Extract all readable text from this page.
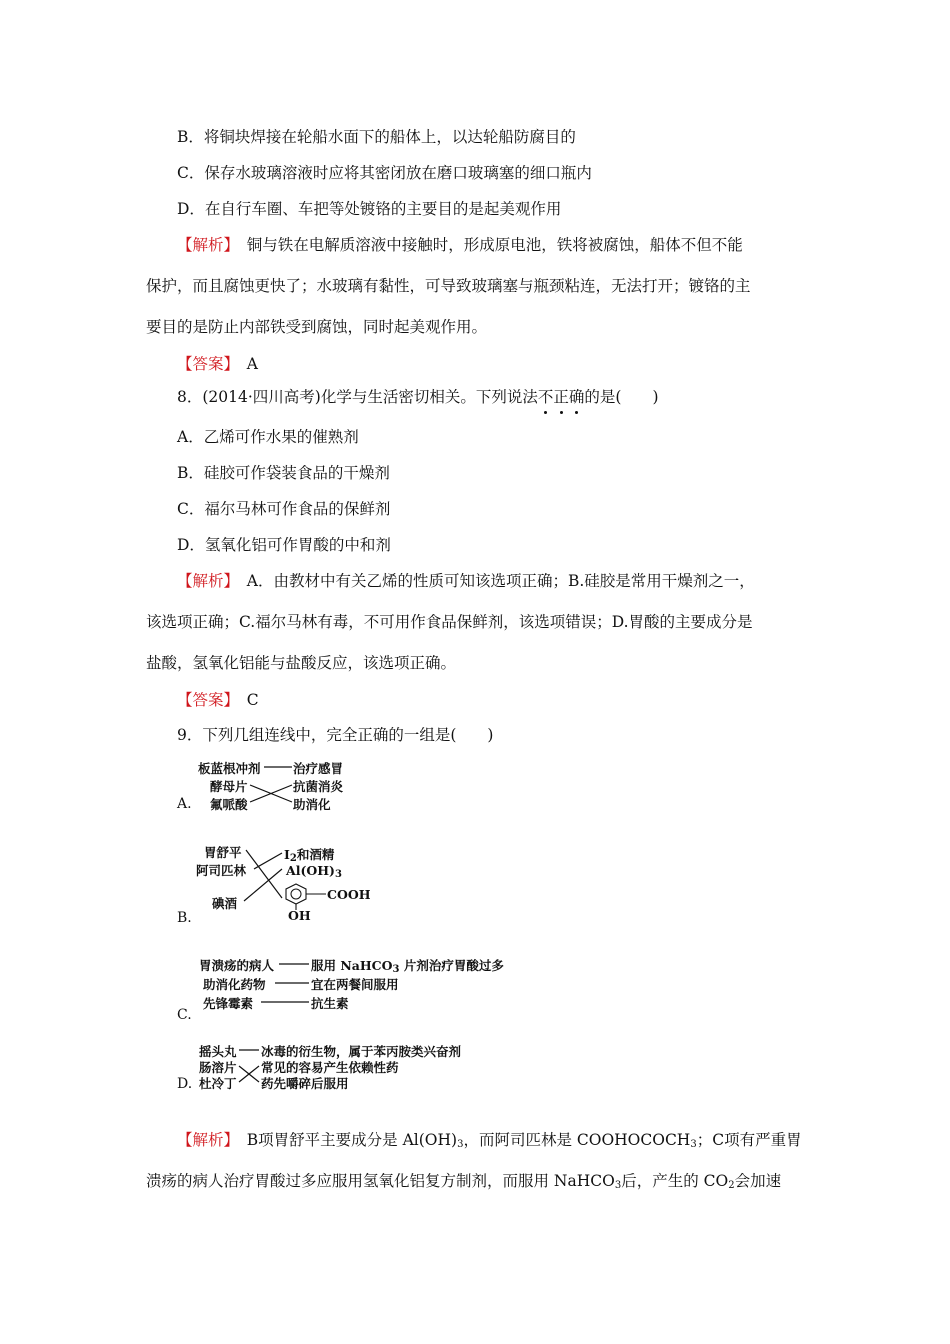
B．将铜块焊接在轮船水面下的船体上，以达轮船防腐目的
C．保存水玻璃溶液时应将其密闭放在磨口玻璃塞的细口瓶内
D．在自行车圈、车把等处镀铬的主要目的是起美观作用
【解析】　 铜与铁在电解质溶液中接触时，形成原电池，铁将被腐蚀，船体不但不能
保护，而且腐蚀更快了；水玻璃有黏性，可导致玻璃塞与瓶颈粘连，无法打开；镀铬的主
要目的是防止内部铁受到腐蚀，同时起美观作用。
【答案】　 A
8．(2014·四川高考)化学与生活密切相关。下列说法不正确的是(　　)
A．乙烯可作水果的催熟剂
B．硅胶可作袋装食品的干燥剂
C．福尔马林可作食品的保鲜剂
D．氢氧化铝可作胃酸的中和剂
【解析】　 A．由教材中有关乙烯的性质可知该选项正确；B.硅胶是常用干燥剂之一，
该选项正确；C.福尔马林有毒，不可用作食品保鲜剂，该选项错误；D.胃酸的主要成分是
盐酸，氢氧化铝能与盐酸反应，该选项正确。
【答案】　 C
9．下列几组连线中，完全正确的一组是(　　)
A.
板蓝根冲剂
酵母片
氟哌酸
治疗感冒
抗菌消炎
助消化
B.
胃舒平
阿司匹林
碘酒
$I_2$和酒精
$Al(OH)_3$
COOH
OH
C.
胃溃疡的病人
助消化药物
先锋霉素
服用 NaHCO$_3$ 片剂治疗胃酸过多
宜在两餐间服用
抗生素
D.
摇头丸
肠溶片
杜冷丁
冰毒的衍生物，属于苯丙胺类兴奋剂
常见的容易产生依赖性药
药先嚼碎后服用
【解析】　 B项胃舒平主要成分是 $Al(OH)_3$，而阿司匹林是 $COOHOCOCH_3$；C项有严重胃
溃疡的病人治疗胃酸过多应服用氢氧化铝复方制剂，而服用 NaHCO$_3$后，产生的 $CO_2$会加速
